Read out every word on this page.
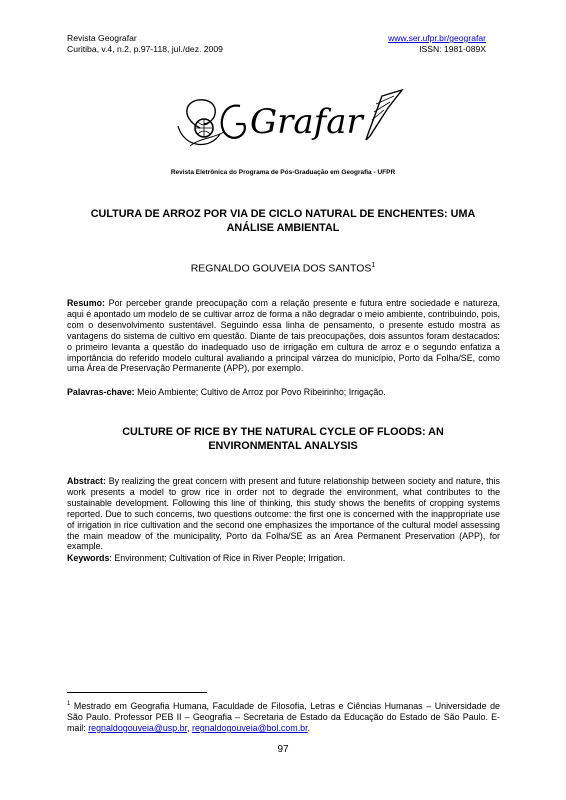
Revista Geografar
Curitiba, v.4, n.2, p.97-118, jul./dez. 2009
www.ser.ufpr.br/geografar
ISSN: 1981-089X
Grafar
Revista Eletrônica do Programa de Pós-Graduação em Geografia - UFPR
CULTURA DE ARROZ POR VIA DE CICLO NATURAL DE ENCHENTES: UMA
ANÁLISE AMBIENTAL
REGNALDO GOUVEIA DOS SANTOS$^1$
Resumo: Por perceber grande preocupação com a relação presente e futura entre sociedade e natureza, aqui é apontado um modelo de se cultivar arroz de forma a não degradar o meio ambiente, contribuindo, pois, com o desenvolvimento sustentável. Seguindo essa linha de pensamento, o presente estudo mostra as vantagens do sistema de cultivo em questão. Diante de tais preocupações, dois assuntos foram destacados: o primeiro levanta a questão do inadequado uso de irrigação em cultura de arroz e o segundo enfatiza a importância do referido modelo cultural avaliando a principal várzea do município, Porto da Folha/SE, como uma Área de Preservação Permanente (APP), por exemplo.
Palavras-chave: Meio Ambiente; Cultivo de Arroz por Povo Ribeirinho; Irrigação.
CULTURE OF RICE BY THE NATURAL CYCLE OF FLOODS: AN
ENVIRONMENTAL ANALYSIS
Abstract: By realizing the great concern with present and future relationship between society and nature, this work presents a model to grow rice in order not to degrade the environment, what contributes to the sustainable development. Following this line of thinking, this study shows the benefits of cropping systems reported. Due to such concerns, two questions outcome: the first one is concerned with the inappropriate use of irrigation in rice cultivation and the second one emphasizes the importance of the cultural model assessing the main meadow of the municipality, Porto da Folha/SE as an Area Permanent Preservation (APP), for example.
Keywords: Environment; Cultivation of Rice in River People; Irrigation.
$^1$ Mestrado em Geografia Humana, Faculdade de Filosofia, Letras e Ciências Humanas – Universidade de São Paulo. Professor PEB II – Geografia – Secretaria de Estado da Educação do Estado de São Paulo. E-mail: regnaldogouveia@usp.br, regnaldogouveia@bol.com.br.
97
